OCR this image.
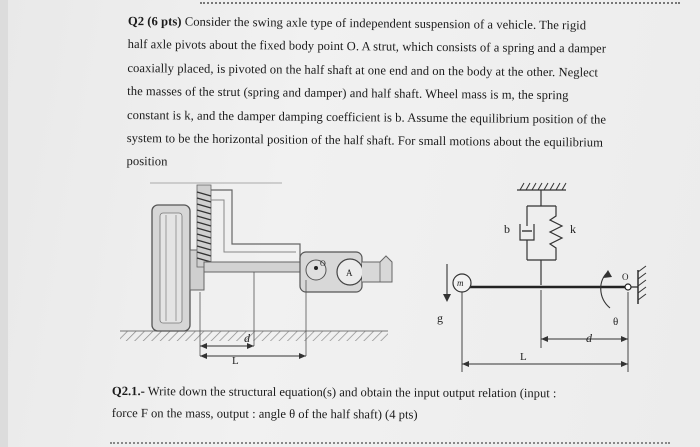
Q2 (6 pts) Consider the swing axle type of independent suspension of a vehicle. The rigid
half axle pivots about the fixed body point O. A strut, which consists of a spring and a damper
coaxially placed, is pivoted on the half shaft at one end and on the body at the other. Neglect
the masses of the strut (spring and damper) and half shaft. Wheel mass is m, the spring
constant is k, and the damper damping coefficient is b. Assume the equilibrium position of the
system to be the horizontal position of the half shaft. For small motions about the equilibrium
position
O
A
d
L
b	k
m
g
O
θ
d
L
Q2.1.- Write down the structural equation(s) and obtain the input output relation (input :
force F on the mass, output : angle θ of the half shaft) (4 pts)
